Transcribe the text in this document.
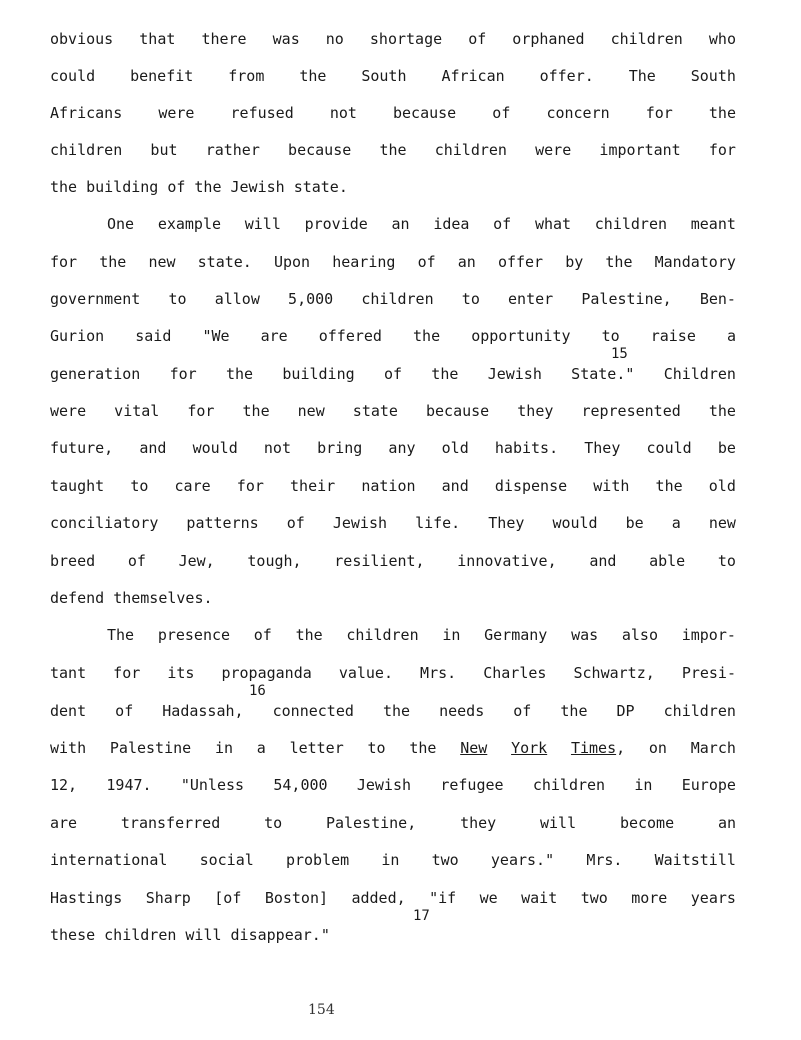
obvious that there was no shortage of orphaned children who
could benefit from the South African offer. The South
Africans were refused not because of concern for the
children but rather because the children were important for
the building of the Jewish state.
One example will provide an idea of what children meant
for the new state. Upon hearing of an offer by the Mandatory
government to allow 5,000 children to enter Palestine, Ben-
Gurion said "We are offered the opportunity to raise a
15
generation for the building of the Jewish State." Children
were vital for the new state because they represented the
future, and would not bring any old habits. They could be
taught to care for their nation and dispense with the old
conciliatory patterns of Jewish life. They would be a new
breed of Jew, tough, resilient, innovative, and able to
defend themselves.
The presence of the children in Germany was also impor-
tant for its propaganda value. Mrs. Charles Schwartz, Presi-
16
dent of Hadassah, connected the needs of the DP children
with Palestine in a letter to the New York Times, on March
12, 1947. "Unless 54,000 Jewish refugee children in Europe
are	transferred	to	Palestine,	they	will	become	an
international social problem in two years." Mrs. Waitstill
Hastings Sharp [of Boston] added, "if we wait two more years
17
these children will disappear."
154
